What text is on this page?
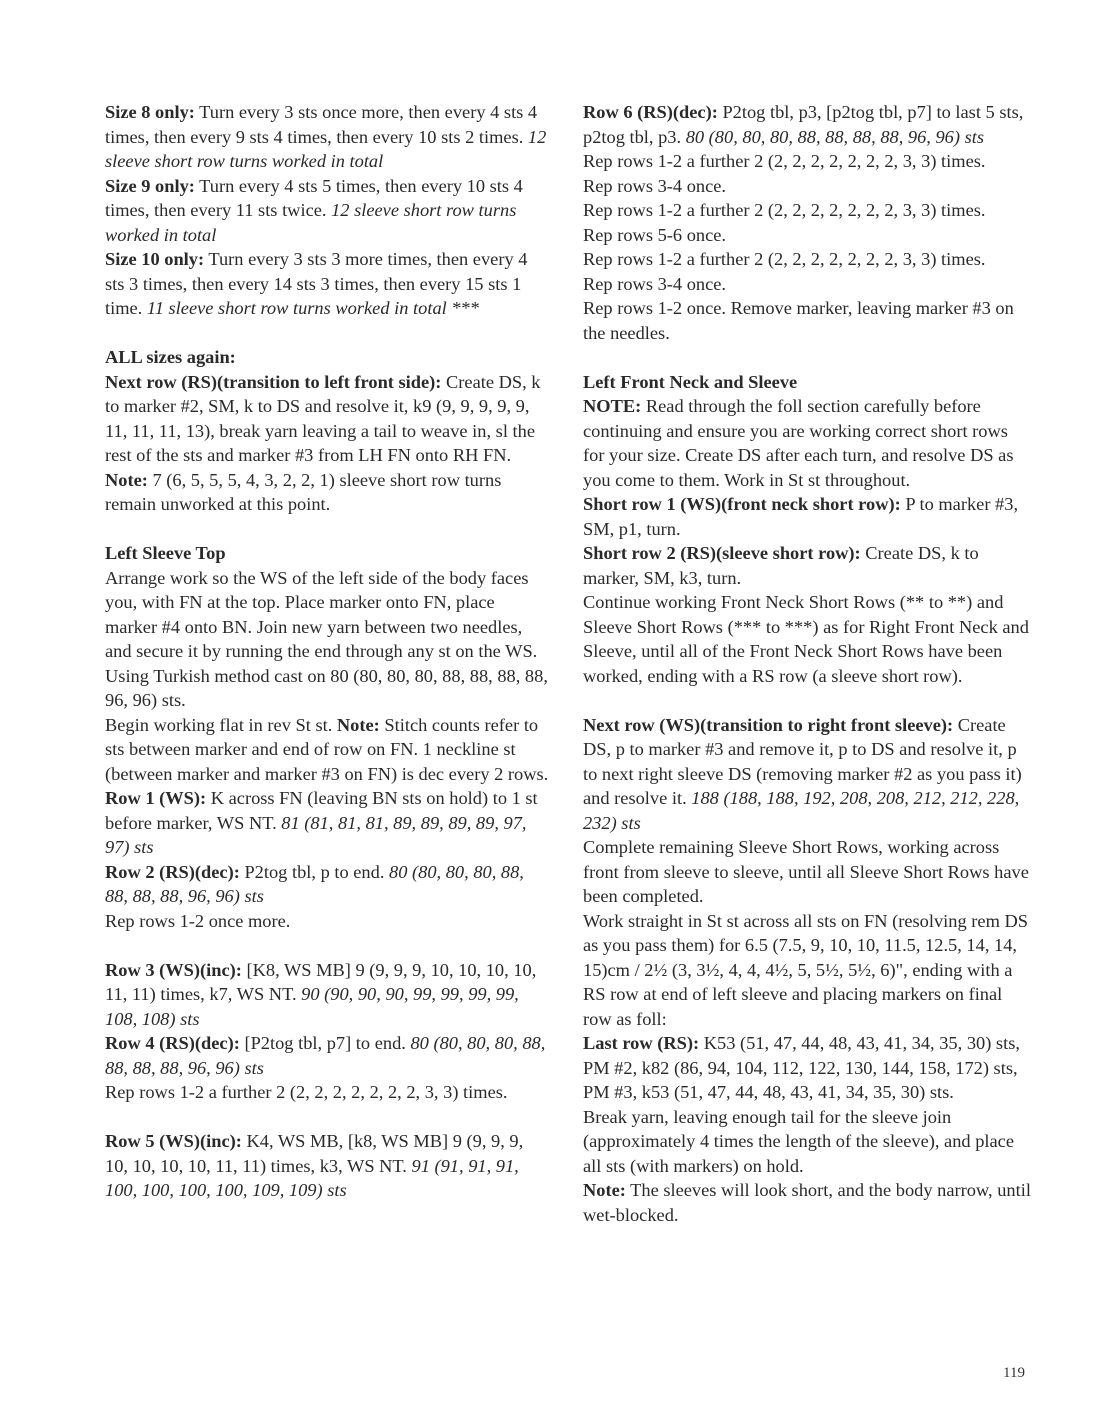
Size 8 only: Turn every 3 sts once more, then every 4 sts 4 times, then every 9 sts 4 times, then every 10 sts 2 times. 12 sleeve short row turns worked in total

Size 9 only: Turn every 4 sts 5 times, then every 10 sts 4 times, then every 11 sts twice. 12 sleeve short row turns worked in total

Size 10 only: Turn every 3 sts 3 more times, then every 4 sts 3 times, then every 14 sts 3 times, then every 15 sts 1 time. 11 sleeve short row turns worked in total ***

ALL sizes again:

Next row (RS)(transition to left front side): Create DS, k to marker #2, SM, k to DS and resolve it, k9 (9, 9, 9, 9, 9, 11, 11, 11, 13), break yarn leaving a tail to weave in, sl the rest of the sts and marker #3 from LH FN onto RH FN.

Note: 7 (6, 5, 5, 5, 4, 3, 2, 2, 1) sleeve short row turns remain unworked at this point.

Left Sleeve Top

Arrange work so the WS of the left side of the body faces you, with FN at the top. Place marker onto FN, place marker #4 onto BN. Join new yarn between two needles, and secure it by running the end through any st on the WS.

Using Turkish method cast on 80 (80, 80, 80, 88, 88, 88, 88, 96, 96) sts.

Begin working flat in rev St st. Note: Stitch counts refer to sts between marker and end of row on FN. 1 neckline st (between marker and marker #3 on FN) is dec every 2 rows.

Row 1 (WS): K across FN (leaving BN sts on hold) to 1 st before marker, WS NT. 81 (81, 81, 81, 89, 89, 89, 89, 97, 97) sts

Row 2 (RS)(dec): P2tog tbl, p to end. 80 (80, 80, 80, 88, 88, 88, 88, 96, 96) sts

Rep rows 1-2 once more.

Row 3 (WS)(inc): [K8, WS MB] 9 (9, 9, 9, 10, 10, 10, 10, 11, 11) times, k7, WS NT. 90 (90, 90, 90, 99, 99, 99, 99, 108, 108) sts

Row 4 (RS)(dec): [P2tog tbl, p7] to end. 80 (80, 80, 80, 88, 88, 88, 88, 96, 96) sts

Rep rows 1-2 a further 2 (2, 2, 2, 2, 2, 2, 2, 3, 3) times.

Row 5 (WS)(inc): K4, WS MB, [k8, WS MB] 9 (9, 9, 9, 10, 10, 10, 10, 11, 11) times, k3, WS NT. 91 (91, 91, 91, 100, 100, 100, 100, 109, 109) sts

Row 6 (RS)(dec): P2tog tbl, p3, [p2tog tbl, p7] to last 5 sts, p2tog tbl, p3. 80 (80, 80, 80, 88, 88, 88, 88, 96, 96) sts

Rep rows 1-2 a further 2 (2, 2, 2, 2, 2, 2, 2, 3, 3) times.

Rep rows 3-4 once.

Rep rows 1-2 a further 2 (2, 2, 2, 2, 2, 2, 2, 3, 3) times.

Rep rows 5-6 once.

Rep rows 1-2 a further 2 (2, 2, 2, 2, 2, 2, 2, 3, 3) times.

Rep rows 3-4 once.

Rep rows 1-2 once. Remove marker, leaving marker #3 on the needles.

Left Front Neck and Sleeve

NOTE: Read through the foll section carefully before continuing and ensure you are working correct short rows for your size. Create DS after each turn, and resolve DS as you come to them. Work in St st throughout.

Short row 1 (WS)(front neck short row): P to marker #3, SM, p1, turn.

Short row 2 (RS)(sleeve short row): Create DS, k to marker, SM, k3, turn.

Continue working Front Neck Short Rows (** to **) and Sleeve Short Rows (*** to ***) as for Right Front Neck and Sleeve, until all of the Front Neck Short Rows have been worked, ending with a RS row (a sleeve short row).

Next row (WS)(transition to right front sleeve): Create DS, p to marker #3 and remove it, p to DS and resolve it, p to next right sleeve DS (removing marker #2 as you pass it) and resolve it. 188 (188, 188, 192, 208, 208, 212, 212, 228, 232) sts

Complete remaining Sleeve Short Rows, working across front from sleeve to sleeve, until all Sleeve Short Rows have been completed.

Work straight in St st across all sts on FN (resolving rem DS as you pass them) for 6.5 (7.5, 9, 10, 10, 11.5, 12.5, 14, 14, 15)cm / 2½ (3, 3½, 4, 4, 4½, 5, 5½, 5½, 6)", ending with a RS row at end of left sleeve and placing markers on final row as foll:

Last row (RS): K53 (51, 47, 44, 48, 43, 41, 34, 35, 30) sts, PM #2, k82 (86, 94, 104, 112, 122, 130, 144, 158, 172) sts, PM #3, k53 (51, 47, 44, 48, 43, 41, 34, 35, 30) sts.

Break yarn, leaving enough tail for the sleeve join (approximately 4 times the length of the sleeve), and place all sts (with markers) on hold.

Note: The sleeves will look short, and the body narrow, until wet-blocked.

119
